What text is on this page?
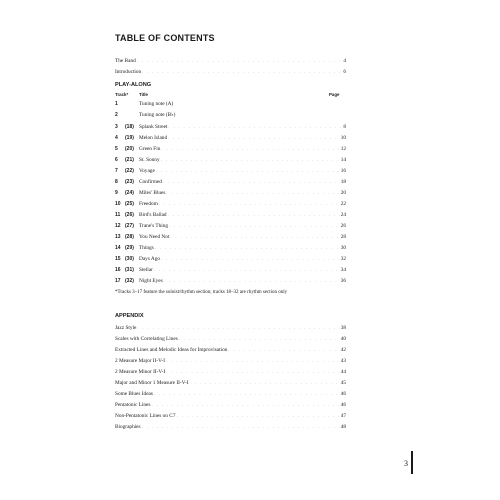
TABLE OF CONTENTS
The Band . . .	4
Introduction . . .	6
PLAY-ALONG
Track* Title	Page
1	Tuning note (A)
2	Tuning note (B♭)
3	(18) Splank Street . . .	8
4	(19) Melon Island . . .	10
5	(20) Green Fin . . .	12
6	(21) St. Sonny . . .	14
7	(22) Voyage . . .	16
8	(23) Confirmed . . .	18
9	(24) Miles' Blues . . .	20
10 (25) Freedom . . .	22
11 (26) Bird's Ballad . . .	24
12 (27) Trane's Thing . . .	26
13 (28) You Need Not . . .	28
14 (29) Things . . .	30
15 (30) Days Ago . . .	32
16 (31) Stellar . . .	34
17 (32) Night Eyes . . .	36
*Tracks 3–17 feature the soloist/rhythm section; tracks 18–32 are rhythm section only
APPENDIX
Jazz Style . . .	38
Scales with Correlating Lines . . .	40
Extracted Lines and Melodic Ideas for Improvisation . . .	42
2 Measure Major II-V-I . . .	43
2 Measure Minor II-V-I . . .	44
Major and Minor 1 Measure II-V-I . . .	45
Some Blues Ideas . . .	46
Pentatonic Lines . . .	46
Non-Pentatonic Lines on C7 . . .	47
Biographies . . .	48
3
